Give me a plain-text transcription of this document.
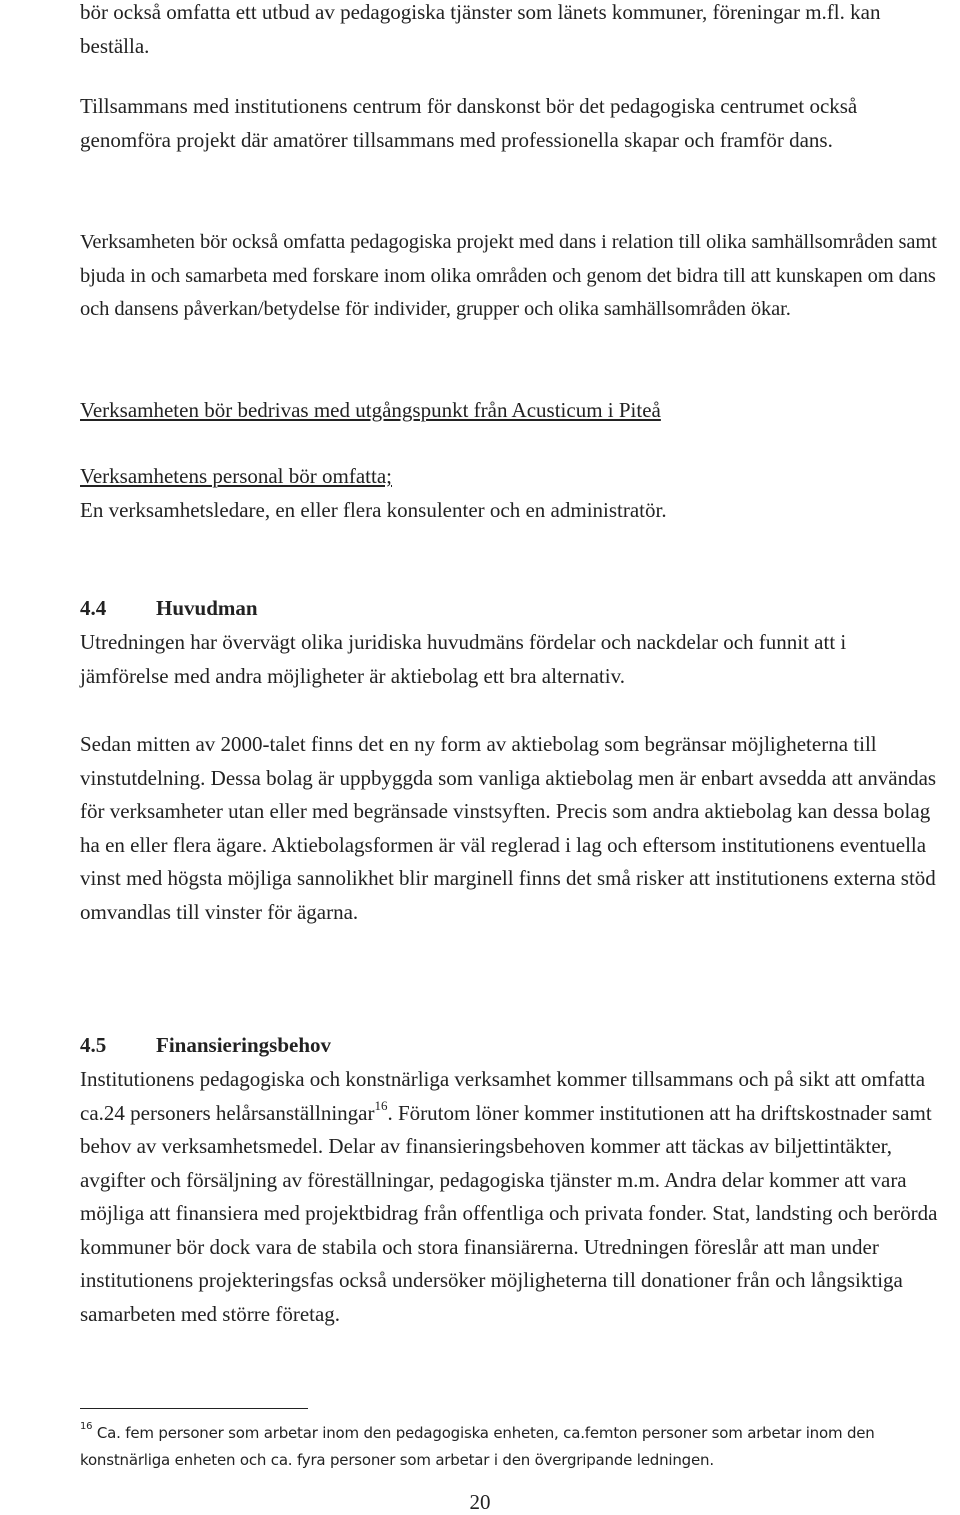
bör också omfatta ett utbud av pedagogiska tjänster som länets kommuner, föreningar m.fl. kan beställa.

Tillsammans med institutionens centrum för danskonst bör det pedagogiska centrumet också genomföra projekt där amatörer tillsammans med professionella skapar och framför dans.

Verksamheten bör också omfatta pedagogiska projekt med dans i relation till olika samhällsområden samt bjuda in och samarbeta med forskare inom olika områden och genom det bidra till att kunskapen om dans och dansens påverkan/betydelse för individer, grupper och olika samhällsområden ökar.

Verksamheten bör bedrivas med utgångspunkt från Acusticum i Piteå

Verksamhetens personal bör omfatta;

En verksamhetsledare, en eller flera konsulenter och en administratör.

4.4 Huvudman

Utredningen har övervägt olika juridiska huvudmäns fördelar och nackdelar och funnit att i jämförelse med andra möjligheter är aktiebolag ett bra alternativ.

Sedan mitten av 2000-talet finns det en ny form av aktiebolag som begränsar möjligheterna till vinstutdelning. Dessa bolag är uppbyggda som vanliga aktiebolag men är enbart avsedda att användas för verksamheter utan eller med begränsade vinstsyften. Precis som andra aktiebolag kan dessa bolag ha en eller flera ägare. Aktiebolagsformen är väl reglerad i lag och eftersom institutionens eventuella vinst med högsta möjliga sannolikhet blir marginell finns det små risker att institutionens externa stöd omvandlas till vinster för ägarna.

4.5 Finansieringsbehov

Institutionens pedagogiska och konstnärliga verksamhet kommer tillsammans och på sikt att omfatta ca.24 personers helårsanställningar$^{16}$. Förutom löner kommer institutionen att ha driftskostnader samt behov av verksamhetsmedel. Delar av finansieringsbehoven kommer att täckas av biljettintäkter, avgifter och försäljning av föreställningar, pedagogiska tjänster m.m. Andra delar kommer att vara möjliga att finansiera med projektbidrag från offentliga och privata fonder. Stat, landsting och berörda kommuner bör dock vara de stabila och stora finansiärerna. Utredningen föreslår att man under institutionens projekteringsfas också undersöker möjligheterna till donationer från och långsiktiga samarbeten med större företag.

$^{16}$ Ca. fem personer som arbetar inom den pedagogiska enheten, ca.femton personer som arbetar inom den konstnärliga enheten och ca. fyra personer som arbetar i den övergripande ledningen.

20
